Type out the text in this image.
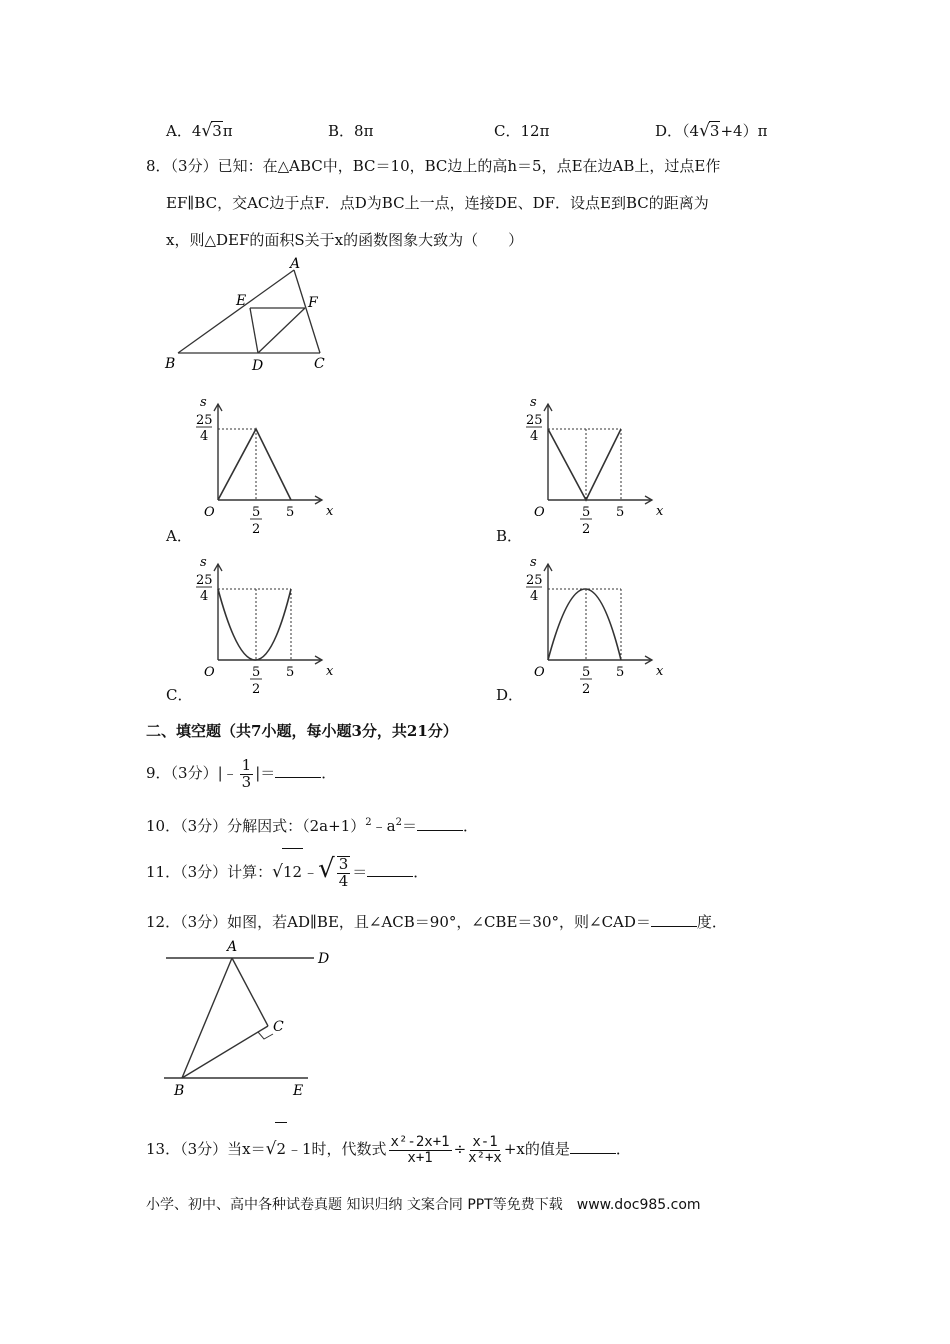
A．4√3π	B．8π	C．12π	D．（4√3+4）π
8．（3分）已知：在△ABC中，BC＝10，BC边上的高h＝5，点E在边AB上，过点E作
EF∥BC，交AC边于点F．点D为BC上一点，连接DE、DF．设点E到BC的距离为
x，则△DEF的面积S关于x的函数图象大致为（　　）
A
E	F
B	D	C
s
x
O
25
4
5
2
5
s
x
O
25
4
5
2
5
s
x
O
25
4
5
2
5
s
x
O
25
4
5
2
5
A．	B．
C．	D．
二、填空题（共7小题，每小题3分，共21分）
9．（3分）|﹣ $\frac{1}{3}$ |＝	．
10．（3分）分解因式：$(2a+1)^2﹣a^2=$	．
11．（3分）计算：√12﹣√ $\frac{3}{4}$ ＝	．
12．（3分）如图，若AD∥BE，且∠ACB＝90°，∠CBE＝30°，则∠CAD＝	度．
A
D
C
B	E
13．（3分）当x＝√2﹣1时，代数式 $\frac{\text{x²-2x+1}}{x+1} \div \frac{x-1}{\text{x²+x}} +x$的值是	．
小学、初中、高中各种试卷真题 知识归纳 文案合同 PPT等免费下载　www.doc985.com
